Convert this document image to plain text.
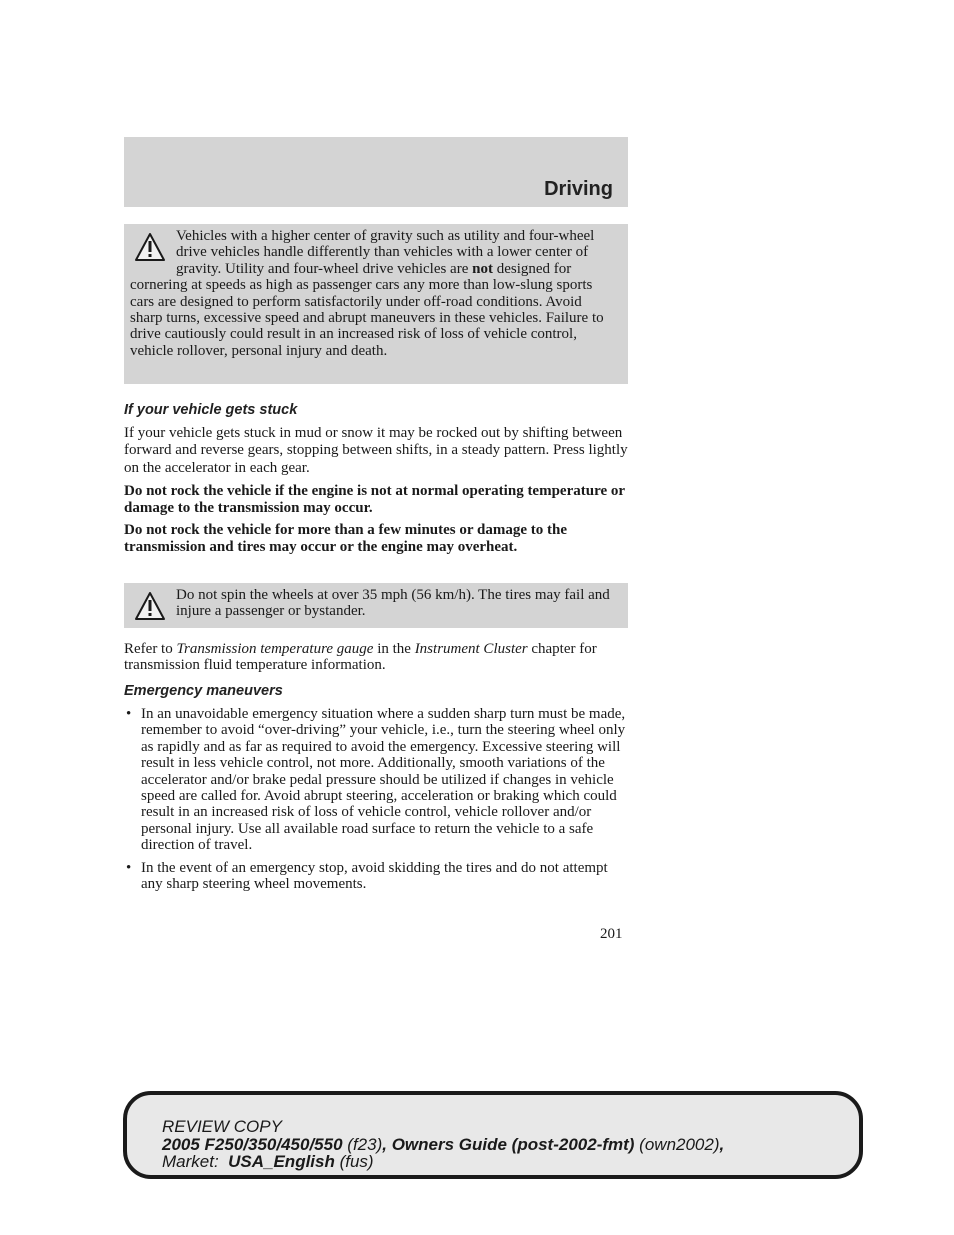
Driving
Vehicles with a higher center of gravity such as utility and four-wheel drive vehicles handle differently than vehicles with a lower center of gravity. Utility and four-wheel drive vehicles are not designed for cornering at speeds as high as passenger cars any more than low-slung sports cars are designed to perform satisfactorily under off-road conditions. Avoid sharp turns, excessive speed and abrupt maneuvers in these vehicles. Failure to drive cautiously could result in an increased risk of loss of vehicle control, vehicle rollover, personal injury and death.
If your vehicle gets stuck

If your vehicle gets stuck in mud or snow it may be rocked out by shifting between forward and reverse gears, stopping between shifts, in a steady pattern. Press lightly on the accelerator in each gear.

Do not rock the vehicle if the engine is not at normal operating temperature or damage to the transmission may occur.

Do not rock the vehicle for more than a few minutes or damage to the transmission and tires may occur or the engine may overheat.

Do not spin the wheels at over 35 mph (56 km/h). The tires may fail and injure a passenger or bystander.
Refer to Transmission temperature gauge in the Instrument Cluster chapter for transmission fluid temperature information.
Emergency maneuvers
• In an unavoidable emergency situation where a sudden sharp turn must be made, remember to avoid “over-driving” your vehicle, i.e., turn the steering wheel only as rapidly and as far as required to avoid the emergency. Excessive steering will result in less vehicle control, not more. Additionally, smooth variations of the accelerator and/or brake pedal pressure should be utilized if changes in vehicle speed are called for. Avoid abrupt steering, acceleration or braking which could result in an increased risk of loss of vehicle control, vehicle rollover and/or personal injury. Use all available road surface to return the vehicle to a safe direction of travel.
• In the event of an emergency stop, avoid skidding the tires and do not attempt any sharp steering wheel movements.
201
REVIEW COPY
2005 F250/350/450/550 (f23), Owners Guide (post-2002-fmt) (own2002),
Market:  USA_English (fus)
